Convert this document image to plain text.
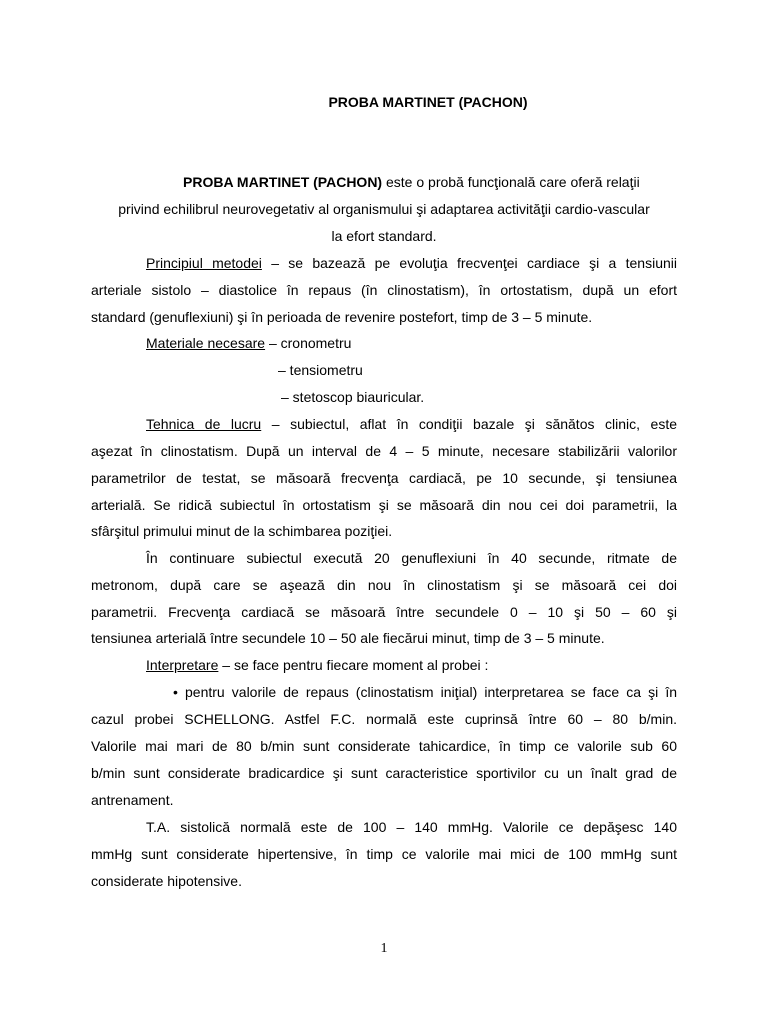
PROBA MARTINET (PACHON)
PROBA MARTINET (PACHON) este o probă funcţională care oferă relaţii
privind echilibrul neurovegetativ al organismului şi adaptarea activităţii cardio-vascular
la efort standard.
Principiul metodei – se bazează pe evoluţia frecvenţei cardiace şi a tensiunii
arteriale sistolo – diastolice în repaus (în clinostatism), în ortostatism, după un efort
standard (genuflexiuni) şi în perioada de revenire postefort, timp de 3 – 5 minute.
Materiale necesare – cronometru
– tensiometru
– stetoscop biauricular.
Tehnica de lucru – subiectul, aflat în condiţii bazale şi sănătos clinic, este
aşezat în clinostatism. După un interval de 4 – 5 minute, necesare stabilizării valorilor
parametrilor de testat, se măsoară frecvenţa cardiacă, pe 10 secunde, şi tensiunea
arterială. Se ridică subiectul în ortostatism şi se măsoară din nou cei doi parametrii, la
sfârşitul primului minut de la schimbarea poziţiei.
În continuare subiectul execută 20 genuflexiuni în 40 secunde, ritmate de
metronom, după care se aşează din nou în clinostatism şi se măsoară cei doi
parametrii. Frecvenţa cardiacă se măsoară între secundele 0 – 10 şi 50 – 60 şi
tensiunea arterială între secundele 10 – 50 ale fiecărui minut, timp de 3 – 5 minute.
Interpretare – se face pentru fiecare moment al probei :
• pentru valorile de repaus (clinostatism iniţial) interpretarea se face ca şi în
cazul probei SCHELLONG. Astfel F.C. normală este cuprinsă între 60 – 80 b/min.
Valorile mai mari de 80 b/min sunt considerate tahicardice, în timp ce valorile sub 60
b/min sunt considerate bradicardice şi sunt caracteristice sportivilor cu un înalt grad de
antrenament.
T.A. sistolică normală este de 100 – 140 mmHg. Valorile ce depăşesc 140
mmHg sunt considerate hipertensive, în timp ce valorile mai mici de 100 mmHg sunt
considerate hipotensive.
1
